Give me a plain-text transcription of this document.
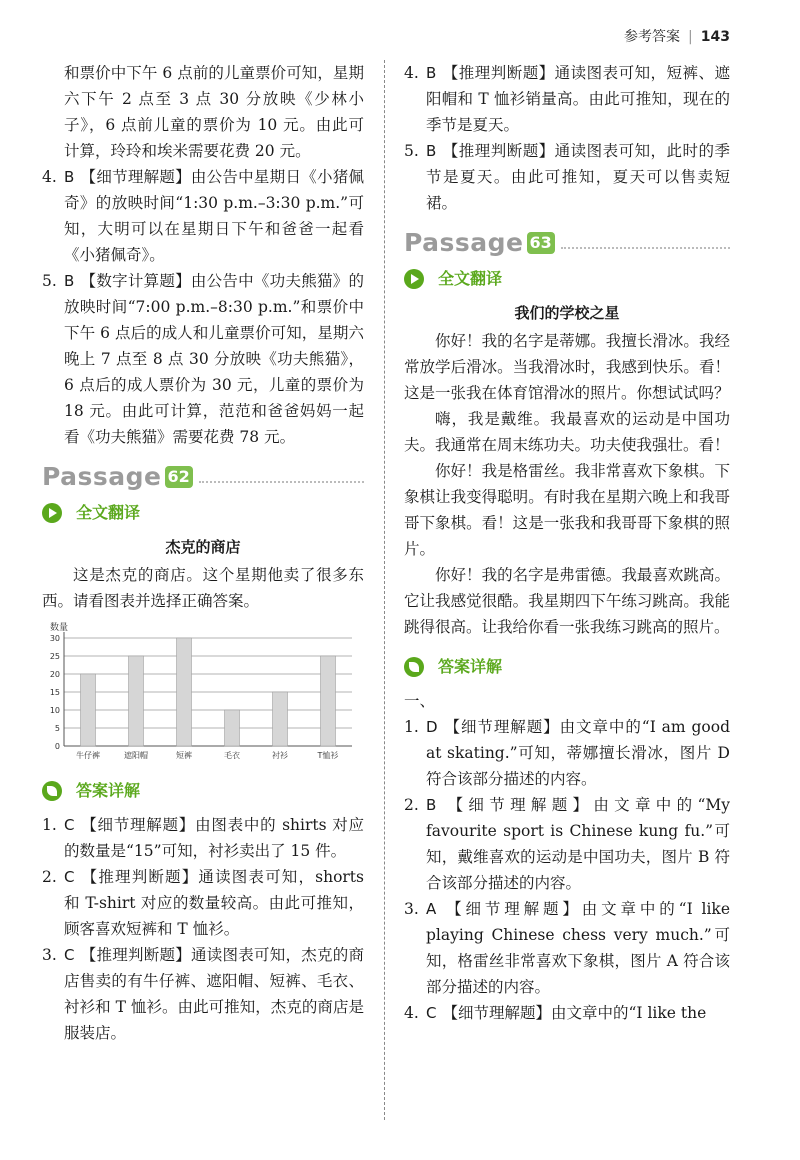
参考答案 | 143

和票价中下午 6 点前的儿童票价可知，星期六下午 2 点至 3 点 30 分放映《少林小子》，6 点前儿童的票价为 10 元。由此可计算，玲玲和埃米需要花费 20 元。

4. B 【细节理解题】由公告中星期日《小猪佩奇》的放映时间“1:30 p.m.–3:30 p.m.”可知，大明可以在星期日下午和爸爸一起看《小猪佩奇》。
5. B 【数字计算题】由公告中《功夫熊猫》的放映时间“7:00 p.m.–8:30 p.m.”和票价中下午 6 点后的成人和儿童票价可知，星期六晚上 7 点至 8 点 30 分放映《功夫熊猫》，6 点后的成人票价为 30 元，儿童的票价为 18 元。由此可计算，范范和爸爸妈妈一起看《功夫熊猫》需要花费 78 元。
Passage 62
全文翻译
杰克的商店

这是杰克的商店。这个星期他卖了很多东西。请看图表并选择正确答案。

数量
0
5
10
15
20
25
30
牛仔裤	遮阳帽	短裤	毛衣	衬衫	T恤衫
答案详解
1. C 【细节理解题】由图表中的 shirts 对应的数量是“15”可知，衬衫卖出了 15 件。
2. C 【推理判断题】通读图表可知，shorts 和 T-shirt 对应的数量较高。由此可推知，顾客喜欢短裤和 T 恤衫。
3. C 【推理判断题】通读图表可知，杰克的商店售卖的有牛仔裤、遮阳帽、短裤、毛衣、衬衫和 T 恤衫。由此可推知，杰克的商店是服装店。
4. B 【推理判断题】通读图表可知，短裤、遮阳帽和 T 恤衫销量高。由此可推知，现在的季节是夏天。
5. B 【推理判断题】通读图表可知，此时的季节是夏天。由此可推知，夏天可以售卖短裙。
Passage 63
全文翻译
我们的学校之星

你好！我的名字是蒂娜。我擅长滑冰。我经常放学后滑冰。当我滑冰时，我感到快乐。看！这是一张我在体育馆滑冰的照片。你想试试吗？

嗨，我是戴维。我最喜欢的运动是中国功夫。我通常在周末练功夫。功夫使我强壮。看！

你好！我是格雷丝。我非常喜欢下象棋。下象棋让我变得聪明。有时我在星期六晚上和我哥哥下象棋。看！这是一张我和我哥哥下象棋的照片。

你好！我的名字是弗雷德。我最喜欢跳高。它让我感觉很酷。我星期四下午练习跳高。我能跳得很高。让我给你看一张我练习跳高的照片。

答案详解

一、

1. D 【细节理解题】由文章中的“I am good at skating.”可知，蒂娜擅长滑冰，图片 D 符合该部分描述的内容。
2. B 【细节理解题】由文章中的“My favourite sport is Chinese kung fu.”可知，戴维喜欢的运动是中国功夫，图片 B 符合该部分描述的内容。
3. A 【细节理解题】由文章中的“I like playing Chinese chess very much.”可知，格雷丝非常喜欢下象棋，图片 A 符合该部分描述的内容。
4. C 【细节理解题】由文章中的“I like the
